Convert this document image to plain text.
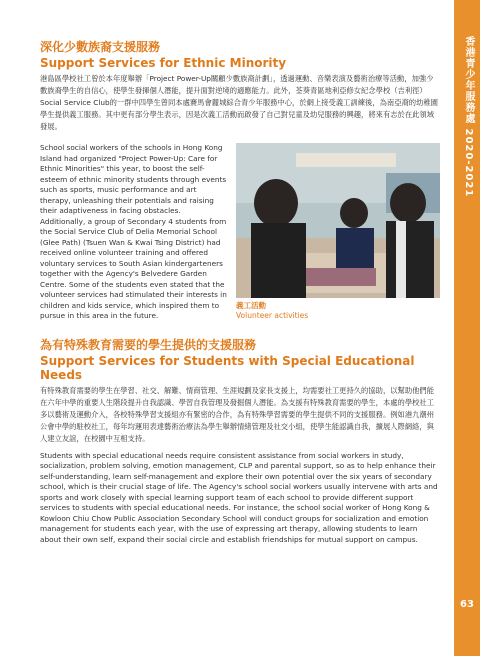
香港青少年服務處 2020-2021
63
深化少數族裔支援服務
Support Services for Ethnic Minority

港島區學校社工曾於本年度舉辦「Project Power-Up關顧少數族裔計劃」，透過運動、音樂表演及藝術治療等活動，加強少數族裔學生的自信心，使學生發揮個人潛能，提升面對逆境的適應能力。此外，荃葵青區地利亞修女紀念學校（吉利徑）Social Service Club的一群中四學生曾同本處賽馬會麗城綜合青少年服務中心，於網上接受義工訓練後，為南亞裔的幼稚園學生提供義工服務。其中更有部分學生表示，因是次義工活動而啟發了自己對兒童及幼兒服務的興趣，將來有志於在此領域發展。

School social workers of the schools in Hong Kong Island had organized "Project Power-Up: Care for Ethnic Minorities" this year, to boost the self-esteem of ethnic minority students through events such as sports, music performance and art therapy, unleashing their potentials and raising their adaptiveness in facing obstacles. Additionally, a group of Secondary 4 students from the Social Service Club of Delia Memorial School (Glee Path) (Tsuen Wan & Kwai Tsing District) had received online volunteer training and offered voluntary services to South Asian kindergarteners together with the Agency's Belvedere Garden Centre. Some of the students even stated that the volunteer services had stimulated their interests in children and kids service, which inspired them to pursue in this area in the future.

義工活動
Volunteer activities
為有特殊教育需要的學生提供的支援服務
Support Services for Students with Special Educational Needs

有特殊教育需要的學生在學習、社交、解難、情商管理、生涯規劃及家長支援上，均需要社工更持久的協助，以幫助他們能在六年中學的重要人生階段提升自我認識、學習自我管理及發掘個人潛能。為支援有特殊教育需要的學生，本處的學校社工多以藝術及運動介入，各校特殊學習支援組亦有緊密的合作，為有特殊學習需要的學生提供不同的支援服務。例如港九潮州公會中學的駐校社工，每年均運用表達藝術治療法為學生舉辦情緒管理及社交小組，使學生能認識自我，擴展人際網絡，與人建立友誼，在校園中互相支持。

Students with special educational needs require consistent assistance from social workers in study, socialization, problem solving, emotion management, CLP and parental support, so as to help enhance their self-understanding, learn self-management and explore their own potential over the six years of secondary school, which is their crucial stage of life. The Agency's school social workers usually intervene with arts and sports and work closely with special learning support team of each school to provide different support services to students with special educational needs. For instance, the school social worker of Hong Kong & Kowloon Chiu Chow Public Association Secondary School will conduct groups for socialization and emotion management for students each year, with the use of expressing art therapy, allowing students to learn about their own self, expand their social circle and establish friendships for mutual support on campus.
